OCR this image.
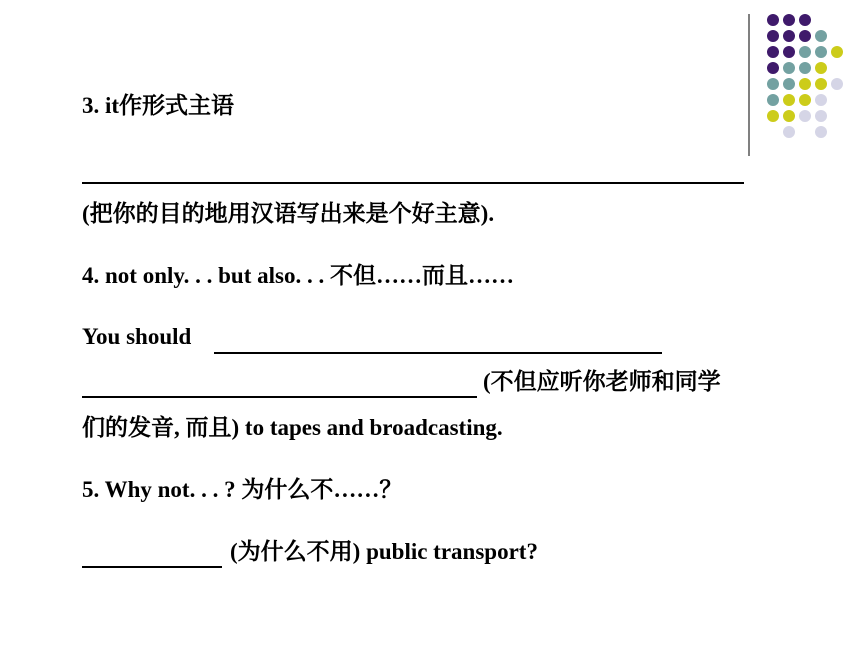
3. it作形式主语
(把你的目的地用汉语写出来是个好主意).
4. not only. . . but also. . . 不但……而且……
You should
(不但应听你老师和同学
们的发音, 而且) to tapes and broadcasting.
5. Why not. . . ? 为什么不……？
(为什么不用) public transport?
